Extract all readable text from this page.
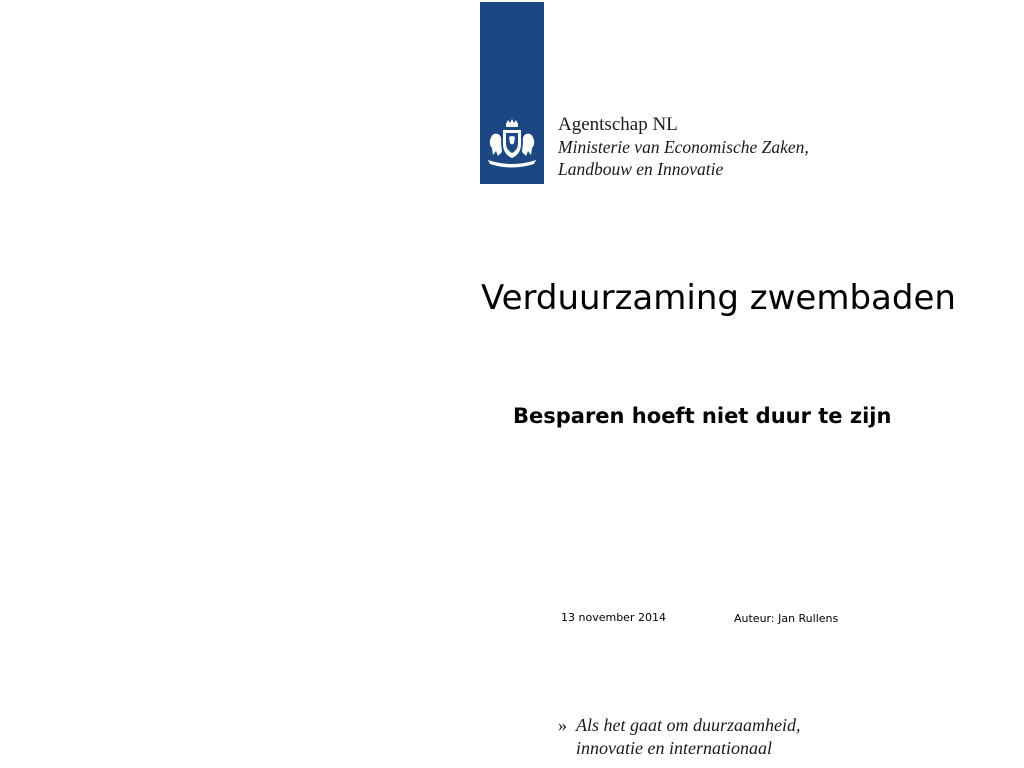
Agentschap NL
Ministerie van Economische Zaken,
Landbouw en Innovatie
Verduurzaming zwembaden
Besparen hoeft niet duur te zijn
13 november 2014	Auteur: Jan Rullens
» Als het gaat om duurzaamheid,
innovatie en internationaal
